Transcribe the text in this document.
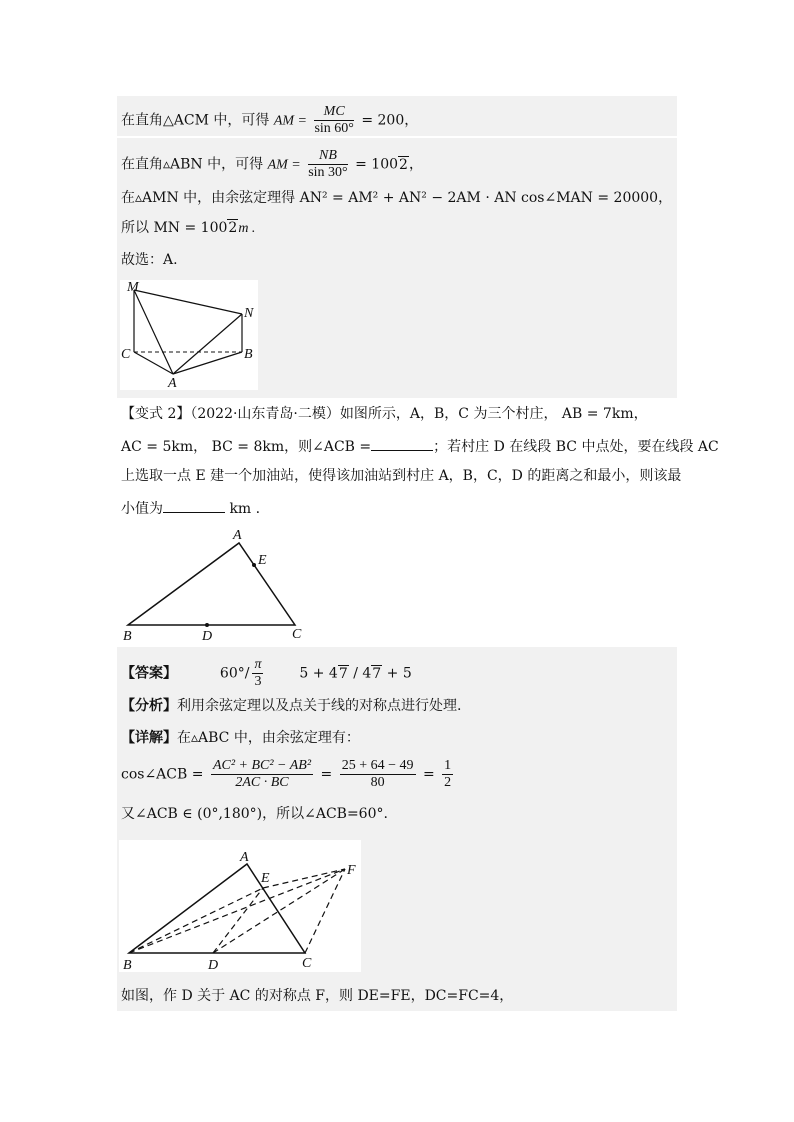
在直角△ACM 中，可得 AM = $\frac{MC}{\sin 60^\circ} = 200$，
在直角▵ABN 中，可得 AM = $\frac{NB}{\sin 30^\circ} = 1002$，
在▵AMN 中，由余弦定理得 AN² = AM² + AN² − 2AM · AN cos∠MAN = 20000，
所以 MN = 1002m .
故选：A.
M
N
C	B
A
【变式 2】（2022·山东青岛·二模）如图所示，A，B，C 为三个村庄， AB = 7km，
AC = 5km， BC = 8km，则∠ACB =	；若村庄 D 在线段 BC 中点处，要在线段 AC
上选取一点 E 建一个加油站，使得该加油站到村庄 A，B，C，D 的距离之和最小，则该最
小值为	km .
A
E
B	D	C
【答案】	$60^\circ/ \frac{\pi}{3}$	5 + 47 / 47 + 5
【分析】利用余弦定理以及点关于线的对称点进行处理.
【详解】在▵ABC 中，由余弦定理有：
cos∠ACB = $\frac{\text{AC² + BC² − AB²}}{2AC \cdot BC} = \frac{25 + 64 - 49}{80} = \frac{1}{2}$
又∠ACB ∈ (0°,180°)，所以∠ACB=60°.
A
E
F
B	D	C
如图，作 D 关于 AC 的对称点 F，则 DE=FE，DC=FC=4，
